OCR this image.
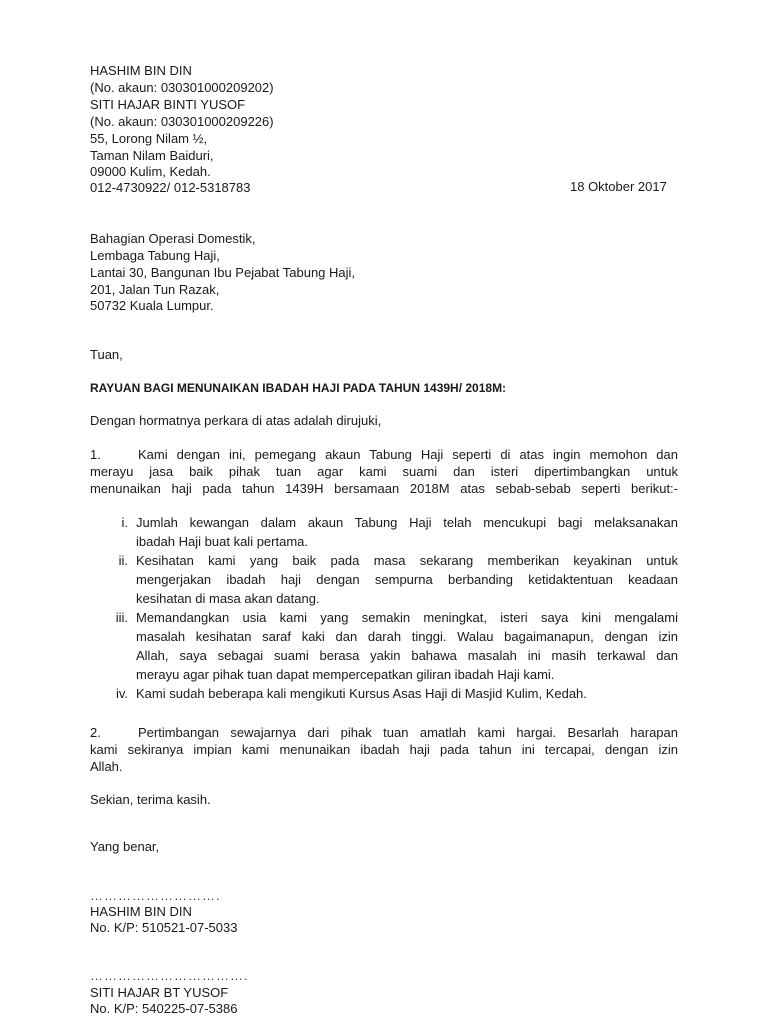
HASHIM BIN DIN
(No. akaun: 030301000209202)
SITI HAJAR BINTI YUSOF
(No. akaun: 030301000209226)
55, Lorong Nilam ½,
Taman Nilam Baiduri,
09000 Kulim, Kedah.
012-4730922/ 012-5318783	18 Oktober 2017
Bahagian Operasi Domestik,
Lembaga Tabung Haji,
Lantai 30, Bangunan Ibu Pejabat Tabung Haji,
201, Jalan Tun Razak,
50732 Kuala Lumpur.
Tuan,
RAYUAN BAGI MENUNAIKAN IBADAH HAJI PADA TAHUN 1439H/ 2018M:
Dengan hormatnya perkara di atas adalah dirujuki,
1.	Kami dengan ini, pemegang akaun Tabung Haji seperti di atas ingin memohon dan
merayu jasa baik pihak tuan agar kami suami dan isteri dipertimbangkan untuk
menunaikan haji pada tahun 1439H bersamaan 2018M atas sebab-sebab seperti berikut:-
i. Jumlah kewangan dalam akaun Tabung Haji telah mencukupi bagi melaksanakan
ibadah Haji buat kali pertama.
ii. Kesihatan kami yang baik pada masa sekarang memberikan keyakinan untuk
mengerjakan ibadah haji dengan sempurna berbanding ketidaktentuan keadaan
kesihatan di masa akan datang.
iii. Memandangkan usia kami yang semakin meningkat, isteri saya kini mengalami
masalah kesihatan saraf kaki dan darah tinggi. Walau bagaimanapun, dengan izin
Allah, saya sebagai suami berasa yakin bahawa masalah ini masih terkawal dan
merayu agar pihak tuan dapat mempercepatkan giliran ibadah Haji kami.
iv. Kami sudah beberapa kali mengikuti Kursus Asas Haji di Masjid Kulim, Kedah.
2.	Pertimbangan sewajarnya dari pihak tuan amatlah kami hargai. Besarlah harapan
kami sekiranya impian kami menunaikan ibadah haji pada tahun ini tercapai, dengan izin
Allah.
Sekian, terima kasih.
Yang benar,
……………………….
HASHIM BIN DIN
No. K/P: 510521-07-5033
…………………………….
SITI HAJAR BT YUSOF
No. K/P: 540225-07-5386
